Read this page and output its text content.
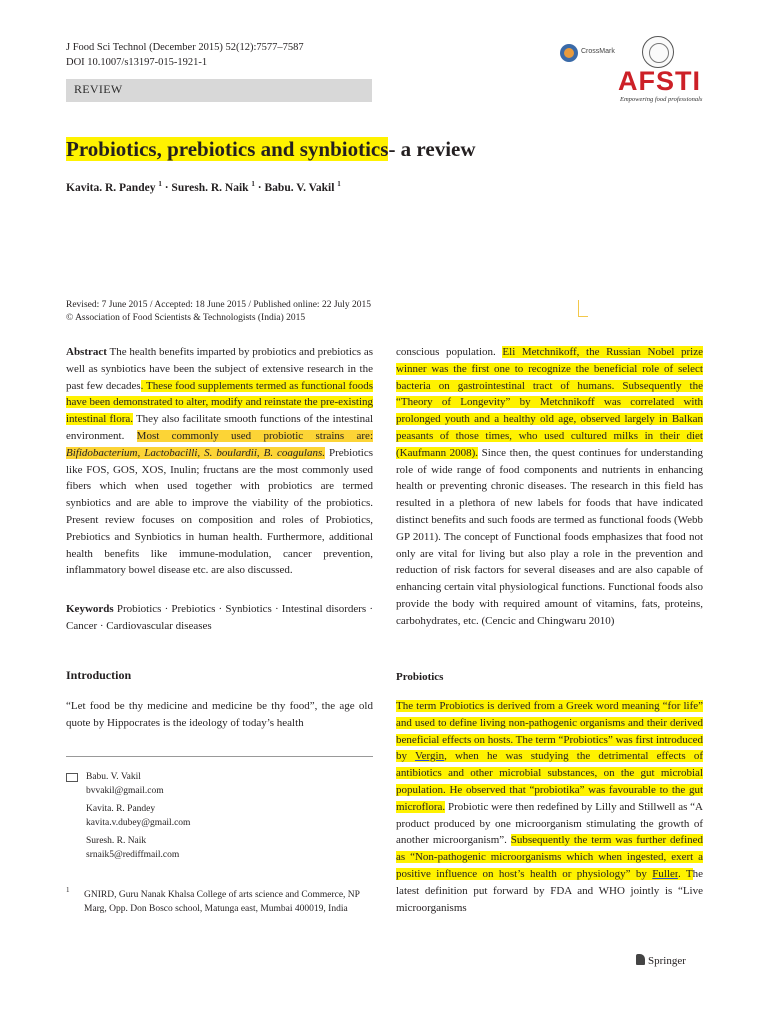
J Food Sci Technol (December 2015) 52(12):7577–7587
DOI 10.1007/s13197-015-1921-1
REVIEW
CrossMark
AFSTI
Empowering food professionals
Probiotics, prebiotics and synbiotics- a review
Kavita. R. Pandey $^1$ · Suresh. R. Naik $^1$ · Babu. V. Vakil $^1$
Revised: 7 June 2015 / Accepted: 18 June 2015 / Published online: 22 July 2015
© Association of Food Scientists & Technologists (India) 2015

Abstract The health benefits imparted by probiotics and prebiotics as well as synbiotics have been the subject of extensive research in the past few decades. These food supplements termed as functional foods have been demonstrated to alter, modify and reinstate the pre-existing intestinal flora. They also facilitate smooth functions of the intestinal environment. Most commonly used probiotic strains are: Bifidobacterium, Lactobacilli, S. boulardii, B. coagulans. Prebiotics like FOS, GOS, XOS, Inulin; fructans are the most commonly used fibers which when used together with probiotics are termed synbiotics and are able to improve the viability of the probiotics. Present review focuses on composition and roles of Probiotics, Prebiotics and Synbiotics in human health. Furthermore, additional health benefits like immune-modulation, cancer prevention, inflammatory bowel disease etc. are also discussed.

Keywords Probiotics · Prebiotics · Synbiotics · Intestinal disorders · Cancer · Cardiovascular diseases

Introduction

“Let food be thy medicine and medicine be thy food”, the age old quote by Hippocrates is the ideology of today’s health

Babu. V. Vakil
bvvakil@gmail.com
Kavita. R. Pandey
kavita.v.dubey@gmail.com
Suresh. R. Naik
srnaik5@rediffmail.com
1 GNIRD, Guru Nanak Khalsa College of arts science and Commerce, NP Marg, Opp. Don Bosco school, Matunga east, Mumbai 400019, India

conscious population. Eli Metchnikoff, the Russian Nobel prize winner was the first one to recognize the beneficial role of select bacteria on gastrointestinal tract of humans. Subsequently the “Theory of Longevity” by Metchnikoff was correlated with prolonged youth and a healthy old age, observed largely in Balkan peasants of those times, who used cultured milks in their diet (Kaufmann 2008). Since then, the quest continues for understanding role of wide range of food components and nutrients in enhancing health or preventing chronic diseases. The research in this field has resulted in a plethora of new labels for foods that have indicated distinct benefits and such foods are termed as functional foods (Webb GP 2011). The concept of Functional foods emphasizes that food not only are vital for living but also play a role in the prevention and reduction of risk factors for several diseases and are also capable of enhancing certain vital physiological functions. Functional foods also provide the body with required amount of vitamins, fats, proteins, carbohydrates, etc. (Cencic and Chingwaru 2010)

Probiotics

The term Probiotics is derived from a Greek word meaning “for life” and used to define living non-pathogenic organisms and their derived beneficial effects on hosts. The term “Probiotics” was first introduced by Vergin, when he was studying the detrimental effects of antibiotics and other microbial substances, on the gut microbial population. He observed that “probiotika” was favourable to the gut microflora. Probiotic were then redefined by Lilly and Stillwell as “A product produced by one microorganism stimulating the growth of another microorganism”. Subsequently the term was further defined as “Non-pathogenic microorganisms which when ingested, exert a positive influence on host’s health or physiology” by Fuller. The latest definition put forward by FDA and WHO jointly is “Live microorganisms

Springer
